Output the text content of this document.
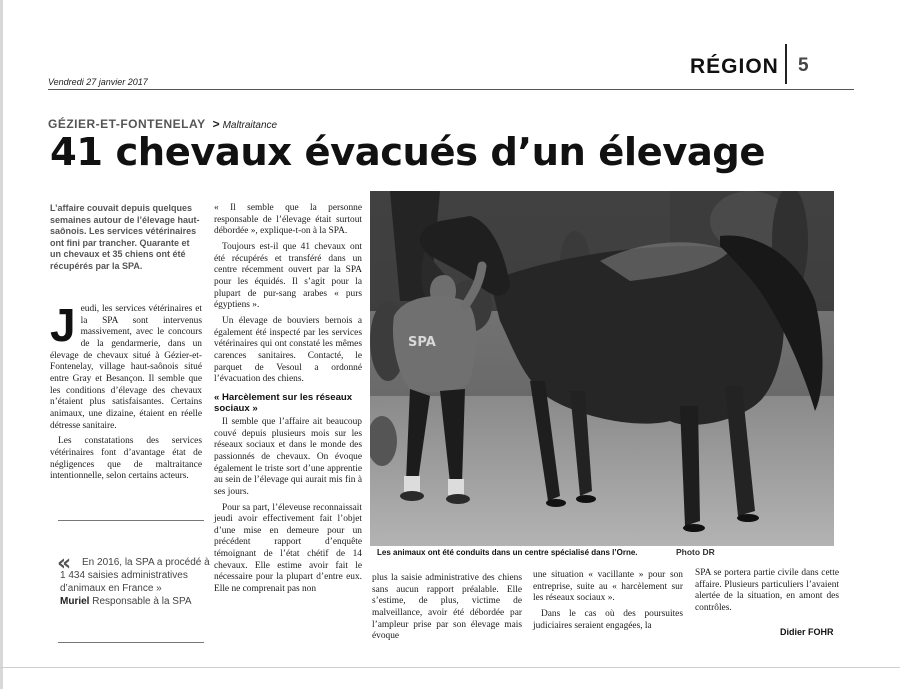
Vendredi 27 janvier 2017
RÉGION 5
GÉZIER-ET-FONTENELAY > Maltraitance
41 chevaux évacués d’un élevage
L’affaire couvait depuis quelques semaines autour de l’élevage haut-saônois. Les services vétérinaires ont fini par trancher. Quarante et un chevaux et 35 chiens ont été récupérés par la SPA.

Jeudi, les services vétérinaires et la SPA sont intervenus massivement, avec le concours de la gendarmerie, dans un élevage de chevaux situé à Gézier-et-Fontenelay, village haut-saônois situé entre Gray et Besançon. Il semble que les conditions d’élevage des chevaux n’étaient plus satisfaisantes. Certains animaux, une dizaine, étaient en réelle détresse sanitaire.

Les constatations des services vétérinaires font d’avantage état de négligences que de maltraitance intentionnelle, selon certains acteurs.

«	En 2016, la SPA a procédé à 1 434 saisies administratives d’animaux en France »
Muriel Responsable à la SPA

« Il semble que la personne responsable de l’élevage était surtout débordée », explique-t-on à la SPA.

Toujours est-il que 41 chevaux ont été récupérés et transféré dans un centre récemment ouvert par la SPA pour les équidés. Il s’agit pour la plupart de pur-sang arabes « purs égyptiens ».

Un élevage de bouviers bernois a également été inspecté par les services vétérinaires qui ont constaté les mêmes carences sanitaires. Contacté, le parquet de Vesoul a ordonné l’évacuation des chiens.

« Harcèlement sur les réseaux sociaux »

Il semble que l’affaire ait beaucoup couvé depuis plusieurs mois sur les réseaux sociaux et dans le monde des passionnés de chevaux. On évoque également le triste sort d’une apprentie au sein de l’élevage qui aurait mis fin à ses jours.

Pour sa part, l’éleveuse reconnaissait jeudi avoir effectivement fait l’objet d’une mise en demeure pour un précédent rapport d’enquête témoignant de l’état chétif de 14 chevaux. Elle estime avoir fait le nécessaire pour la plupart d’entre eux. Elle ne comprenait pas non

SPA
Les animaux ont été conduits dans un centre spécialisé dans l’Orne.	Photo DR

plus la saisie administrative des chiens sans aucun rapport préalable. Elle s’estime, de plus, victime de malveillance, avoir été débordée par l’ampleur prise par son élevage mais évoque

une situation « vacillante » pour son entreprise, suite au « harcèlement sur les réseaux sociaux ».

Dans le cas où des poursuites judiciaires seraient engagées, la

SPA se portera partie civile dans cette affaire. Plusieurs particuliers l’avaient alertée de la situation, en amont des contrôles.

Didier FOHR
